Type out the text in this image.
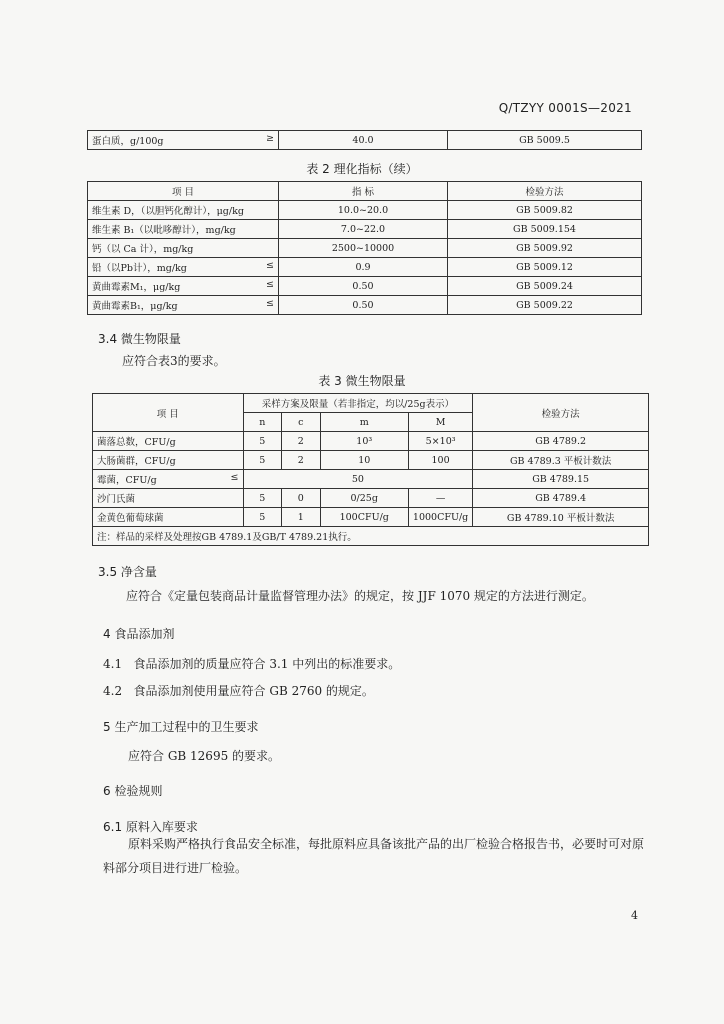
Q/TZYY 0001S—2021
蛋白质，g/100g	≥	40.0	GB 5009.5
表 2 理化指标（续）
项 目	指 标	检验方法

维生素 D，（以胆钙化醇计），μg/kg	10.0~20.0	GB 5009.82

维生素 B₁（以吡哆醇计），mg/kg	7.0~22.0	GB 5009.154

钙（以 Ca 计），mg/kg	2500~10000	GB 5009.92

铅（以Pb计），mg/kg ≤	0.9	GB 5009.12

黄曲霉素M₁，μg/kg ≤	0.50	GB 5009.24

黄曲霉素B₁，μg/kg ≤	0.50	GB 5009.22
3.4 微生物限量
应符合表3的要求。
表 3 微生物限量
项 目	采样方案及限量（若非指定，均以/25g表示）				检验方法
	n	c	m	M	
菌落总数，CFU/g	5	2	10³	5×10³	GB 4789.2
大肠菌群，CFU/g	5	2	10	100	GB 4789.3 平板计数法

霉菌，CFU/g ≤	50				GB 4789.15
沙门氏菌	5	0	0/25g	—	GB 4789.4
金黄色葡萄球菌	5	1	100CFU/g	1000CFU/g	GB 4789.10 平板计数法
注：样品的采样及处理按GB 4789.1及GB/T 4789.21执行。					
3.5 净含量
应符合《定量包装商品计量监督管理办法》的规定，按 JJF 1070 规定的方法进行测定。
4 食品添加剂
4.1 食品添加剂的质量应符合 3.1 中列出的标准要求。
4.2 食品添加剂使用量应符合 GB 2760 的规定。
5 生产加工过程中的卫生要求
应符合 GB 12695 的要求。
6 检验规则
6.1 原料入库要求
原料采购严格执行食品安全标准，每批原料应具备该批产品的出厂检验合格报告书，必要时可对原
料部分项目进行进厂检验。
4
